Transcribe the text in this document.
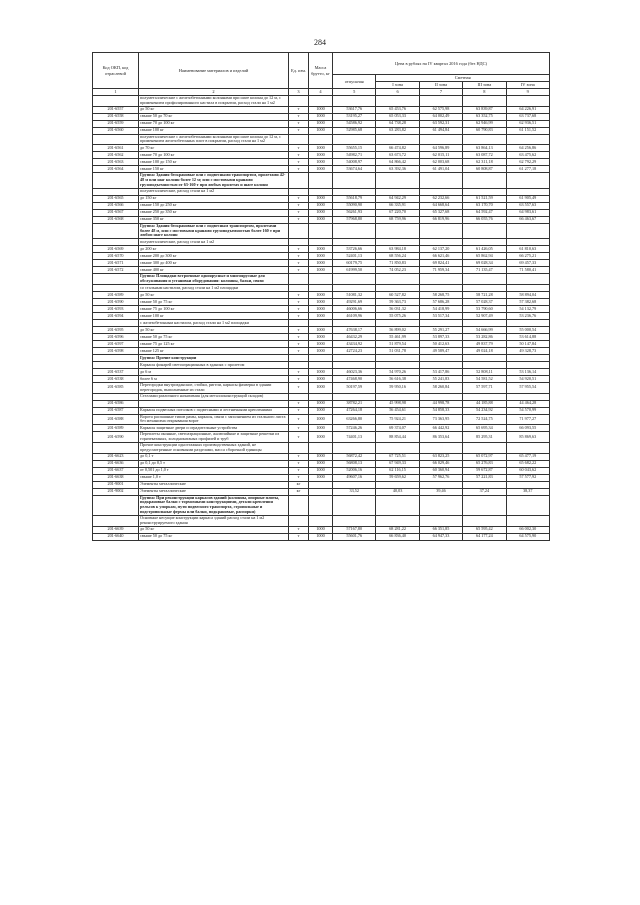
284
Код ОКП, код отраслевой	Наименование материалов и изделий	Ед. изм.	Масса брутто, кг	Цена в рублях на IV квартал 2016 года (без НДС)				
				отпускная	Сметная			
					I зона	II зона	III зона	IV зона
1	2	3	4	5	6	7	8	9
	полуметаллические с железобетонными колоннами при шаге колонн до 12 м, с применением профилированного настила в покрытии, расход стали на 1 м2							
201-6557	до 50 кг	т	1000	53617,76	65 453,76	62 575,98	63 839,87	64 226,91
201-6558	свыше 50 до 70 кг	т	1000	53195,27	65 053,33	64 002,49	63 352,75	63 737,68
201-6559	свыше 70 до 100 кг	т	1000	54586,92	64 738,28	63 592,31	62 946,99	62 936,51
201-6560	свыше 100 кг	т	1000	52985,68	63 283,82	61 494,84	60 790,83	61 151,52
	полуметаллические с железобетонными колоннами при шаге колонн до 12 м, с применением железобетонных плит в покрытии, расход стали на 1 м2							
201-6561	до 70 кг	т	1000	55655,15	66 474,82	64 596,89	63 864,13	64 256,86
201-6562	свыше 70 до 100 кг	т	1000	54982,71	63 673,72	62 015,11	63 087,72	63 475,62
201-6563	свыше 100 до 150 кг	т	1000	54008,97	64 866,42	62 003,68	62 311,18	62 792,29
201-6564	свыше 150 кг	т	1000	53674,64	63 392,36	61 491,04	60 808,87	61 277,18
	Группа: Здания бескрановые или с подвесными транспортом, пролетами 42-48 м или шаг колонн более 12 м; или с мостовыми кранами грузоподъемностью от 63-160 т при любых пролетах и шаге колонн							
	полуметаллические, расход стали на 1 м2							
201-6565	до 150 кг	т	1000	55618,79	64 942,29	62 232,66	61 521,59	61 905,49
201-6566	свыше 150 до 250 кг	т	1000	55090,90	66 335,91	64 668,64	63 170,70	63 557,63
201-6567	свыше 250 до 350 кг	т	1000	56261,93	67 220,70	65 327,68	64 592,47	64 983,61
201-6568	свыше 350 кг	т	1000	57968,80	68 759,96	66 819,96	66 055,76	66 463,67
	Группа: Здания бескрановые или с подвесным транспортом, пролетами более 48 м, или с мостовыми кранами грузоподъемностью более 160 т при любом шаге колонн							
	полуметаллические, расход стали на 1 м2							
201-6569	до 200 кг	т	1000	53726,66	63 984,18	62 137,20	61 426,05	61 810,63
201-6570	свыше 200 до 300 кг	т	1000	52401,13	68 556,24	66 621,46	65 862,94	66 275,21
201-6571	свыше 300 до 400 кг	т	1000	60179,75	71 850,83	69 824,41	69 028,34	69 457,33
201-6572	свыше 400 кг	т	1000	61999,50	74 052,23	71 959,34	71 135,47	71 580,41
	Группа: Площадки встроенные одноярусные и многоярусные для обслуживания и установки оборудования: колонны, балки, связи							
	со стальным настилом, расход стали на 1 м2 площадки							
201-6589	до 50 кг	т	1000	51081,32	60 527,82	58 268,75	58 721,28	58 894,04
201-6590	свыше 50 до 75 кг	т	1000	49291,69	59 363,73	57 686,28	57 028,37	57 382,68
201-6593	свыше 75 до 100 кг	т	1000	46006,66	56 031,32	54 418,99	53 790,60	54 132,79
201-6594	свыше 100 кг	т	1000	46109,96	55 075,26	53 517,34	52 907,49	53 236,76
	с железобетонным настилом, расход стали на 1 м2 площадки							
201-6595	до 50 кг	т	1000	47638,17	56 899,02	55 291,27	54 666,99	55 000,54
201-6596	свыше 50 до 75 кг	т	1000	46432,29	55 461,99	53 897,33	53 282,86	53 614,88
201-6597	свыше 75 до 125 кг	т	1000	43434,92	51 879,54	50 412,63	49 837,79	50 147,84
201-6598	свыше 125 кг	т	1000	42724,23	51 031,78	49 589,47	49 024,18	49 328,73
	Группа: Прочие конструкции							
	Каркасы фонарей светоаэрационных в зданиях с пролетом							
201-6537	до 6 м	т	1000	46023,36	54 970,26	53 417,86	52 808,11	53 136,14
201-6538	более 6 м	т	1000	47468,90	56 616,38	55 241,83	54 581,52	54 920,51
201-6585	Перегородки внутризданские, стойки, ригели, каркасы фахверка в здании перегородок, выполненные из стали	т	1000	50197,59	59 950,16	58 260,84	57 597,71	57 955,54
	Стеллажи различного назначения (для металлоконструкций складов)							
201-6586		т	1000	38782,21	45 998,98	44 998,78	44 185,88	44 464,28
201-6587	Каркасы подвесных потолков с подвесными и лестничными креплениями	т	1000	47264,18	56 454,61	54 858,33	54 234,92	54 570,99
201-6588	Ворота распашные типов рамы, каркасы, связи с заполнением из стального листа без механизма открывания ворот	т	1000	63266,80	75 924,21	73 363,95	72 524,75	71 977,27
201-6589	Каркасы защитные двери и оградительные устройства	т	1000	57246,26	69 374,07	66 442,92	65 695,34	66 093,55
201-6590	Переплеты оконные, светоаэрационные, жалюзийные и защитные решетки из горячекатаных, холоднокатаных профилей и труб	т	1000	74401,13	88 854,44	86 353,64	85 295,31	85 869,63
	Прочие конструкции одноэтажных производственных зданий, не предусмотренные основными разделами, масса сборочной единицы							
201-6623	до 0,1 т	т	1000	56872,42	67 725,51	63 823,25	65 072,97	65 477,19
201-6636	до 0,1 до 0,5 т	т	1000	56808,13	67 949,33	66 029,46	65 276,83	65 682,22
201-6637	от 0,501 до 1,0 т	т	1000	52006,16	62 116,15	60 360,94	59 672,87	60 043,62
201-6638	свыше 1,0 т	т	1000	49607,16	59 659,62	57 962,76	57 221,83	57 577,92
201-9001	Элементы металлические	кг						
201-9002	Элементы металлические	кг		33,52	40,03	39,46	37,24	38,37
	Группа: При реконструкции каркасов зданий (колонны, опорные плиты, подкрановые балки с тормозными конструкциями, детали крепления рельсов к упоркам, пути подвесного транспорта, стропильные и подстропильные фермы или балки, подкрановые, распорки)							
	Основные несущие конструкции каркаса зданий расход стали на 1 м2 реконструируемого здания							
201-6639	до 50 кг	т	1000	57167,80	68 281,22	66 351,85	65 595,42	66 002,30
201-6640	свыше 50 до 75 кг	т	1000	55601,76	66 836,40	64 947,33	64 177,24	64 575,90
